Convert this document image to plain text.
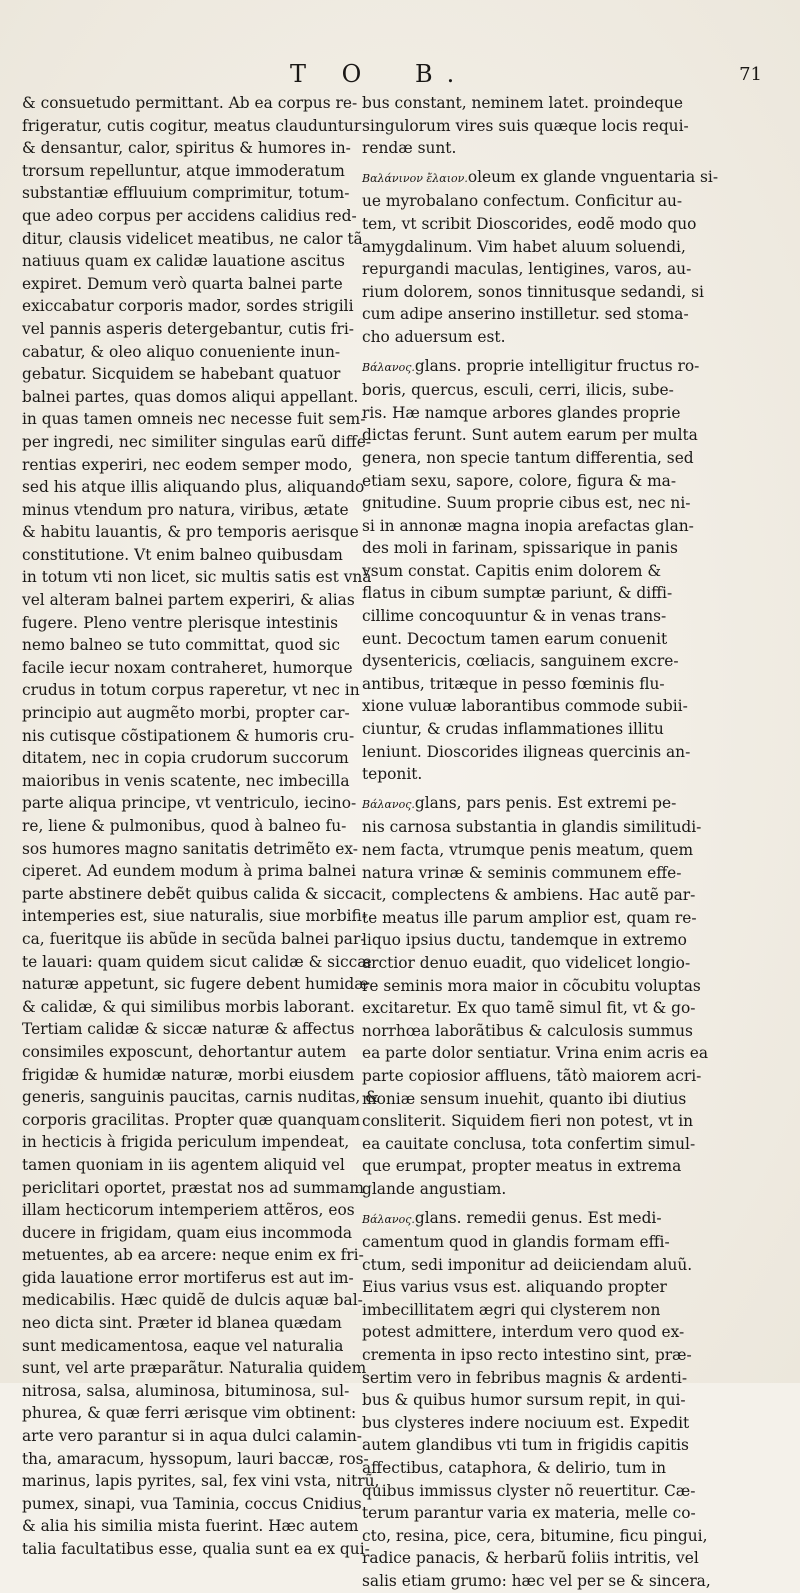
T O B.	71
& consuetudo permittant. Ab ea corpus re-
frigeratur, cutis cogitur, meatus clauduntur
& densantur, calor, spiritus & humores in-
trorsum repelluntur, atque immoderatum
substantiæ effluuium comprimitur, totum-
que adeo corpus per accidens calidius red-
ditur, clausis videlicet meatibus, ne calor tã
natiuus quam ex calidæ lauatione ascitus
expiret. Demum verò quarta balnei parte
exiccabatur corporis mador, sordes strigili
vel pannis asperis detergebantur, cutis fri-
cabatur, & oleo aliquo conueniente inun-
gebatur. Sicquidem se habebant quatuor
balnei partes, quas domos aliqui appellant.
in quas tamen omneis nec necesse fuit sem-
per ingredi, nec similiter singulas earũ diffe-
rentias experiri, nec eodem semper modo,
sed his atque illis aliquando plus, aliquando
minus vtendum pro natura, viribus, ætate
& habitu lauantis, & pro temporis aerisque
constitutione. Vt enim balneo quibusdam
in totum vti non licet, sic multis satis est vnã
vel alteram balnei partem experiri, & alias
fugere. Pleno ventre plerisque intestinis
nemo balneo se tuto committat, quod sic
facile iecur noxam contraheret, humorque
crudus in totum corpus raperetur, vt nec in
principio aut augmẽto morbi, propter car-
nis cutisque cõstipationem & humoris cru-
ditatem, nec in copia crudorum succorum
maioribus in venis scatente, nec imbecilla
parte aliqua principe, vt ventriculo, iecino-
re, liene & pulmonibus, quod à balneo fu-
sos humores magno sanitatis detrimẽto ex-
ciperet. Ad eundem modum à prima balnei
parte abstinere debẽt quibus calida & sicca
intemperies est, siue naturalis, siue morbifi-
ca, fueritque iis abũde in secũda balnei par-
te lauari: quam quidem sicut calidæ & siccæ
naturæ appetunt, sic fugere debent humidæ
& calidæ, & qui similibus morbis laborant.
Tertiam calidæ & siccæ naturæ & affectus
consimiles exposcunt, dehortantur autem
frigidæ & humidæ naturæ, morbi eiusdem
generis, sanguinis paucitas, carnis nuditas, &
corporis gracilitas. Propter quæ quanquam
in hecticis à frigida periculum impendeat,
tamen quoniam in iis agentem aliquid vel
periclitari oportet, præstat nos ad summam
illam hecticorum intemperiem attẽros, eos
ducere in frigidam, quam eius incommoda
metuentes, ab ea arcere: neque enim ex fri-
gida lauatione error mortiferus est aut im-
medicabilis. Hæc quidẽ de dulcis aquæ bal-
neo dicta sint. Præter id blanea quædam
sunt medicamentosa, eaque vel naturalia
sunt, vel arte præparãtur. Naturalia quidem
nitrosa, salsa, aluminosa, bituminosa, sul-
phurea, & quæ ferri ærisque vim obtinent:
arte vero parantur si in aqua dulci calamin-
tha, amaracum, hyssopum, lauri baccæ, ros-
marinus, lapis pyrites, sal, fex vini vsta, nitrũ,
pumex, sinapi, vua Taminia, coccus Cnidius
& alia his similia mista fuerint. Hæc autem
talia facultatibus esse, qualia sunt ea ex qui-
bus constant, neminem latet. proindeque
singulorum vires suis quæque locis requi-
rendæ sunt.
Βαλάνινον ἔλαιον.oleum ex glande vnguentaria si-
ue myrobalano confectum. Conficitur au-
tem, vt scribit Dioscorides, eodẽ modo quo
amygdalinum. Vim habet aluum soluendi,
repurgandi maculas, lentigines, varos, au-
rium dolorem, sonos tinnitusque sedandi, si
cum adipe anserino instilletur. sed stoma-
cho aduersum est.
Βάλανος.glans. proprie intelligitur fructus ro-
boris, quercus, esculi, cerri, ilicis, sube-
ris. Hæ namque arbores glandes proprie
dictas ferunt. Sunt autem earum per multa
genera, non specie tantum differentia, sed
etiam sexu, sapore, colore, figura & ma-
gnitudine. Suum proprie cibus est, nec ni-
si in annonæ magna inopia arefactas glan-
des moli in farinam, spissarique in panis
vsum constat. Capitis enim dolorem &
flatus in cibum sumptæ pariunt, & diffi-
cillime concoquuntur & in venas trans-
eunt. Decoctum tamen earum conuenit
dysentericis, cœliacis, sanguinem excre-
antibus, tritæque in pesso fœminis flu-
xione vuluæ laborantibus commode subii-
ciuntur, & crudas inflammationes illitu
leniunt. Dioscorides iligneas quercinis an-
teponit.
Βάλανος.glans, pars penis. Est extremi pe-
nis carnosa substantia in glandis similitudi-
nem facta, vtrumque penis meatum, quem
natura vrinæ & seminis communem effe-
cit, complectens & ambiens. Hac autẽ par-
te meatus ille parum amplior est, quam re-
liquo ipsius ductu, tandemque in extremo
arctior denuo euadit, quo videlicet longio-
re seminis mora maior in cõcubitu voluptas
excitaretur. Ex quo tamẽ simul fit, vt & go-
norrhœa laborãtibus & calculosis summus
ea parte dolor sentiatur. Vrina enim acris ea
parte copiosior affluens, tãtò maiorem acri-
moniæ sensum inuehit, quanto ibi diutius
consliterit. Siquidem fieri non potest, vt in
ea cauitate conclusa, tota confertim simul-
que erumpat, propter meatus in extrema
glande angustiam.
Βάλανος.glans. remedii genus. Est medi-
camentum quod in glandis formam effi-
ctum, sedi imponitur ad deiiciendam aluũ.
Eius varius vsus est. aliquando propter
imbecillitatem ægri qui clysterem non
potest admittere, interdum vero quod ex-
crementa in ipso recto intestino sint, præ-
sertim vero in febribus magnis & ardenti-
bus & quibus humor sursum repit, in qui-
bus clysteres indere nociuum est. Expedit
autem glandibus vti tum in frigidis capitis
affectibus, cataphora, & delirio, tum in
quibus immissus clyster nõ reuertitur. Cæ-
terum parantur varia ex materia, melle co-
cto, resina, pice, cera, bitumine, ficu pingui,
radice panacis, & herbarũ foliis intritis, vel
salis etiam grumo: hæc vel per se & sincera,
